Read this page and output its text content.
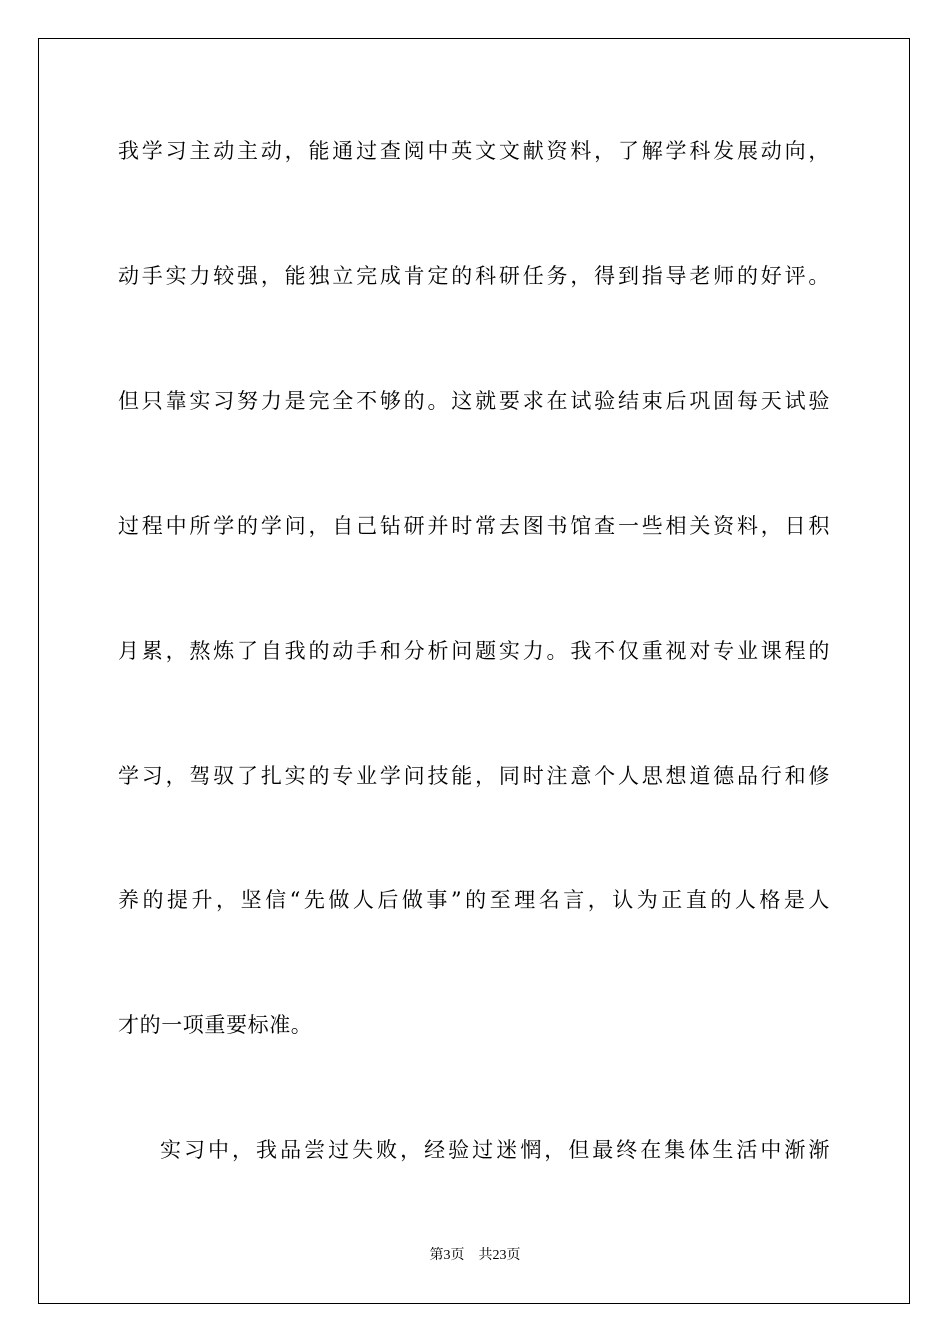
我学习主动主动，能通过查阅中英文文献资料，了解学科发展动向，
动手实力较强，能独立完成肯定的科研任务，得到指导老师的好评。
但只靠实习努力是完全不够的。这就要求在试验结束后巩固每天试验
过程中所学的学问，自己钻研并时常去图书馆查一些相关资料，日积
月累，熬炼了自我的动手和分析问题实力。我不仅重视对专业课程的
学习，驾驭了扎实的专业学问技能，同时注意个人思想道德品行和修
养的提升，坚信“先做人后做事”的至理名言，认为正直的人格是人
才的一项重要标准。
实习中，我品尝过失败，经验过迷惘，但最终在集体生活中渐渐
第3页 共23页
